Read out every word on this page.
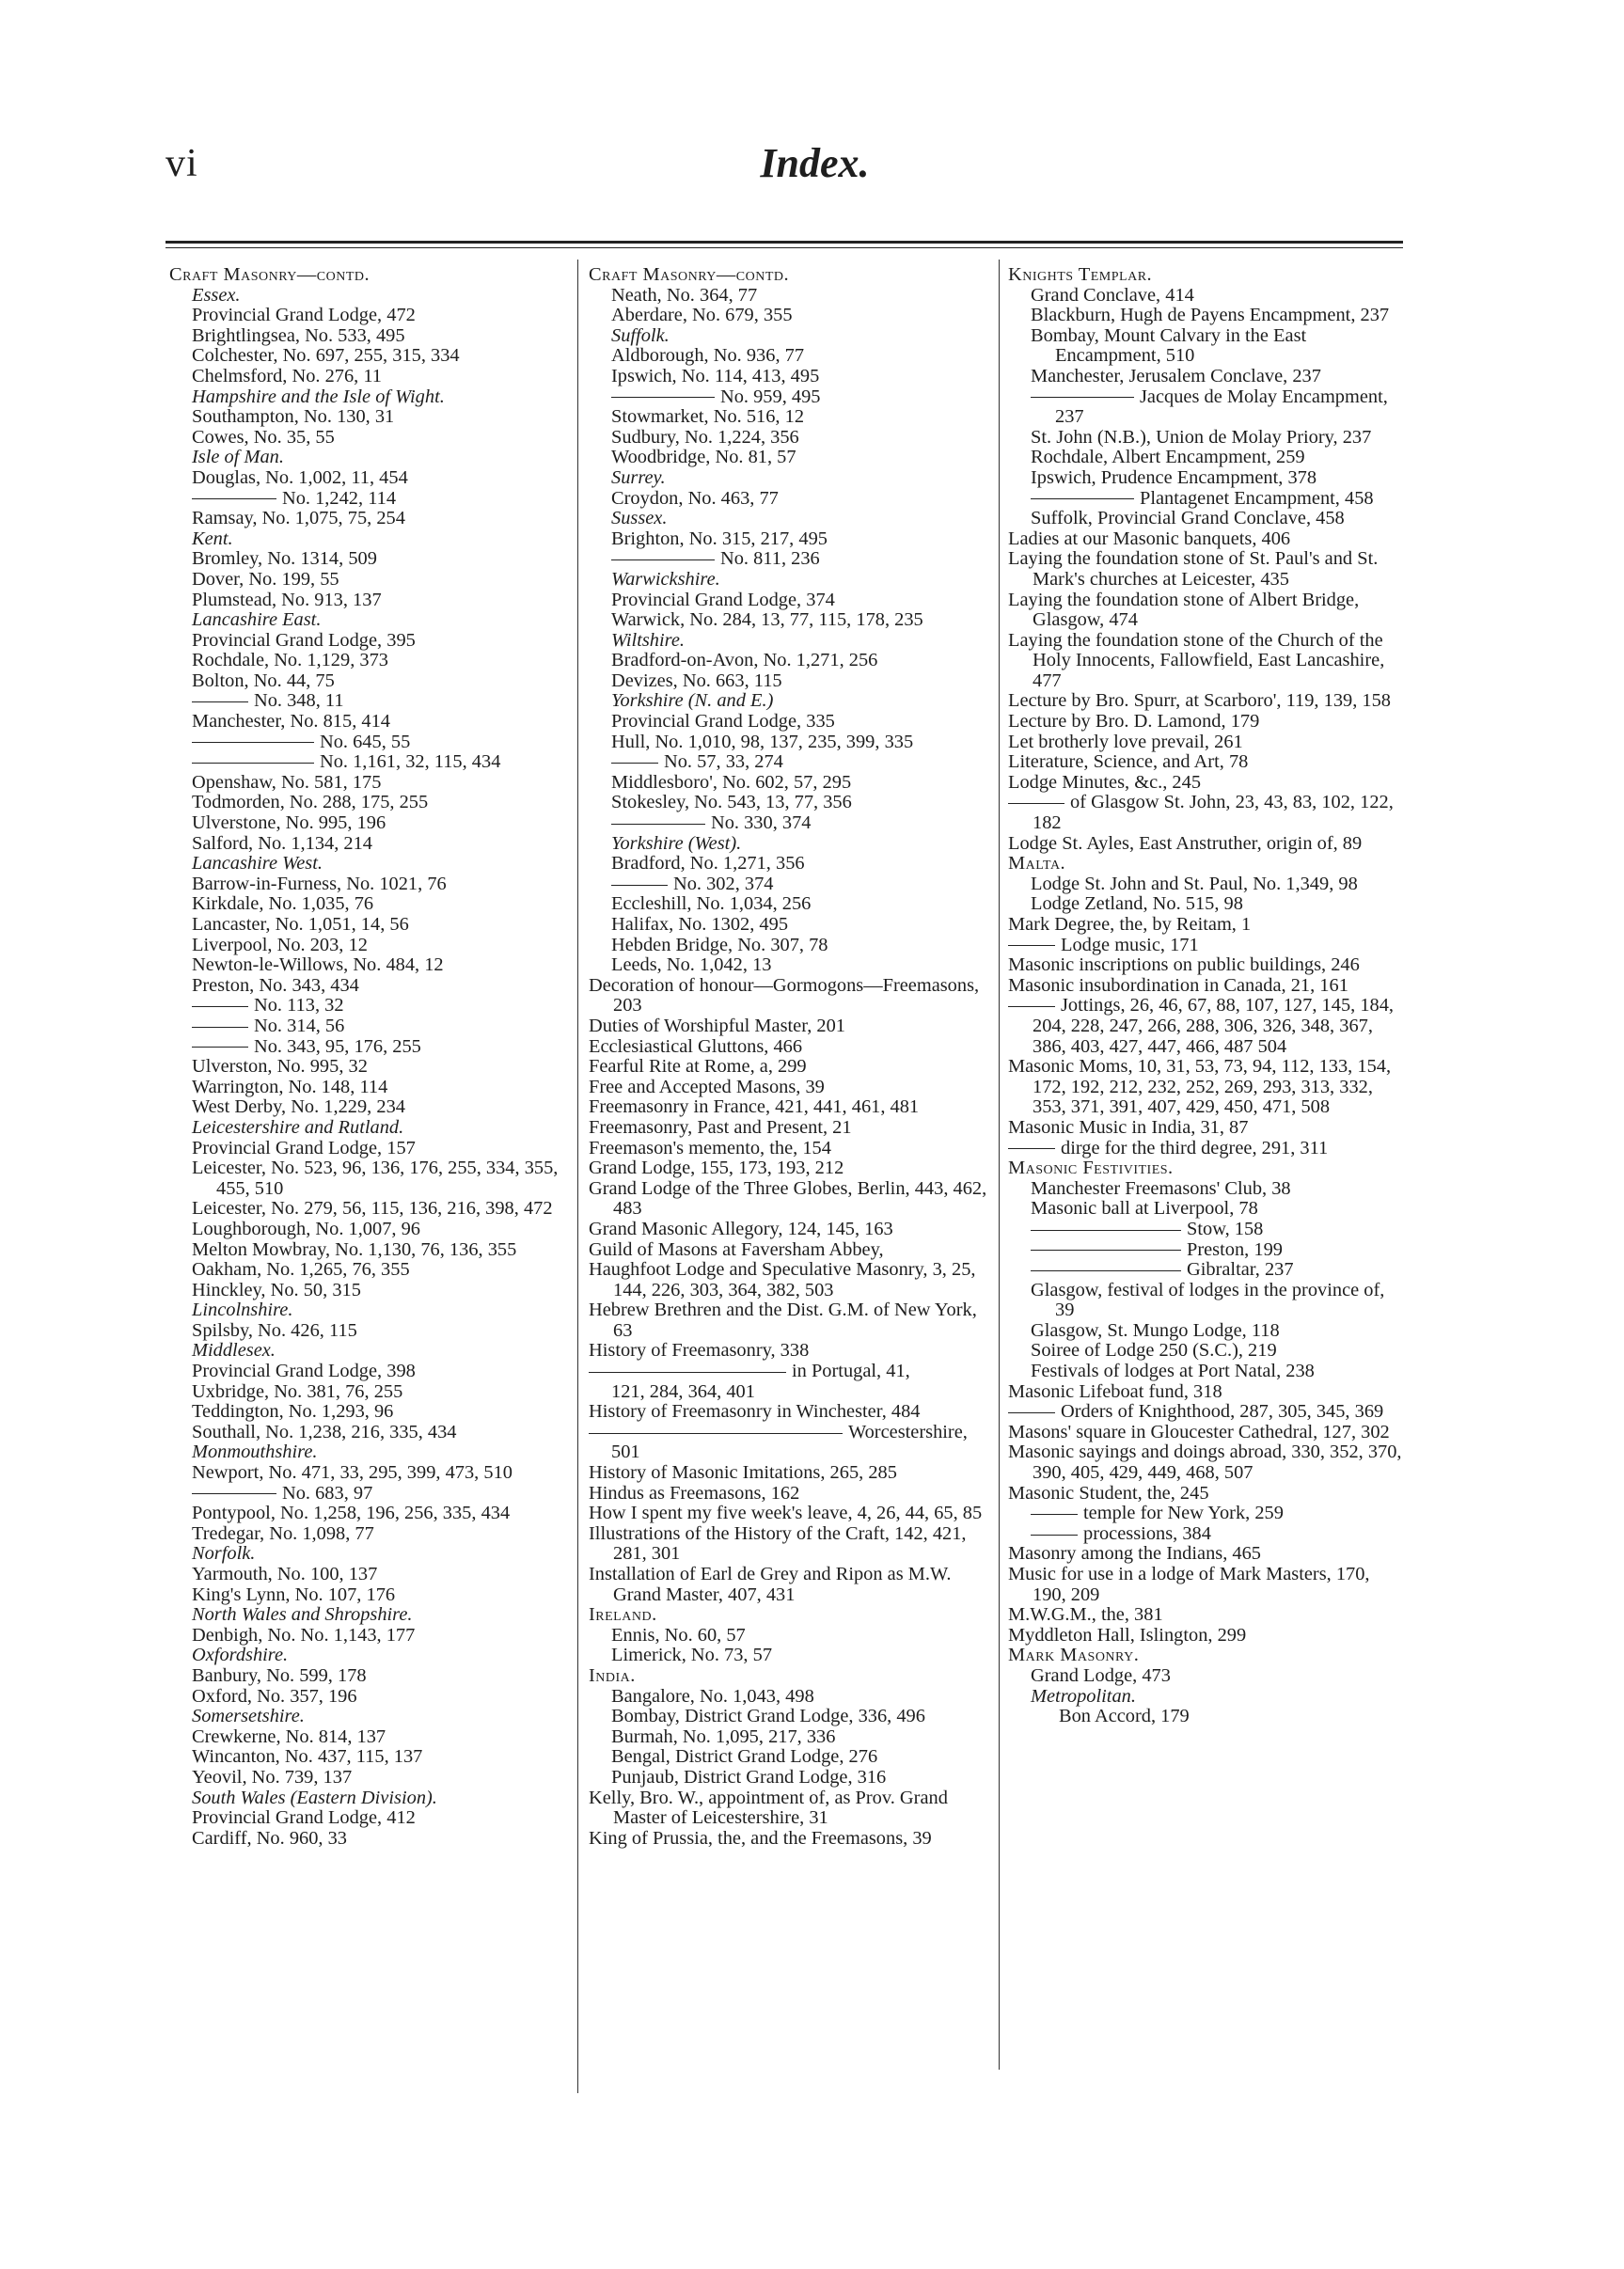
vi	Index.
Craft Masonry—contd.
Essex.
Provincial Grand Lodge, 472
Brightlingsea, No. 533, 495
Colchester, No. 697, 255, 315, 334
Chelmsford, No. 276, 11
Hampshire and the Isle of Wight.
Southampton, No. 130, 31
Cowes, No. 35, 55
Isle of Man.
Douglas, No. 1,002, 11, 454
No. 1,242, 114
Ramsay, No. 1,075, 75, 254
Kent.
Bromley, No. 1314, 509
Dover, No. 199, 55
Plumstead, No. 913, 137
Lancashire East.
Provincial Grand Lodge, 395
Rochdale, No. 1,129, 373
Bolton, No. 44, 75
No. 348, 11
Manchester, No. 815, 414
No. 645, 55
No. 1,161, 32, 115, 434
Openshaw, No. 581, 175
Todmorden, No. 288, 175, 255
Ulverstone, No. 995, 196
Salford, No. 1,134, 214
Lancashire West.
Barrow-in-Furness, No. 1021, 76
Kirkdale, No. 1,035, 76
Lancaster, No. 1,051, 14, 56
Liverpool, No. 203, 12
Newton-le-Willows, No. 484, 12
Preston, No. 343, 434
No. 113, 32
No. 314, 56
No. 343, 95, 176, 255
Ulverston, No. 995, 32
Warrington, No. 148, 114
West Derby, No. 1,229, 234
Leicestershire and Rutland.
Provincial Grand Lodge, 157
Leicester, No. 523, 96, 136, 176, 255, 334, 355, 455, 510
Leicester, No. 279, 56, 115, 136, 216, 398, 472
Loughborough, No. 1,007, 96
Melton Mowbray, No. 1,130, 76, 136, 355
Oakham, No. 1,265, 76, 355
Hinckley, No. 50, 315
Lincolnshire.
Spilsby, No. 426, 115
Middlesex.
Provincial Grand Lodge, 398
Uxbridge, No. 381, 76, 255
Teddington, No. 1,293, 96
Southall, No. 1,238, 216, 335, 434
Monmouthshire.
Newport, No. 471, 33, 295, 399, 473, 510
No. 683, 97
Pontypool, No. 1,258, 196, 256, 335, 434
Tredegar, No. 1,098, 77
Norfolk.
Yarmouth, No. 100, 137
King's Lynn, No. 107, 176
North Wales and Shropshire.
Denbigh, No. No. 1,143, 177
Oxfordshire.
Banbury, No. 599, 178
Oxford, No. 357, 196
Somersetshire.
Crewkerne, No. 814, 137
Wincanton, No. 437, 115, 137
Yeovil, No. 739, 137
South Wales (Eastern Division).
Provincial Grand Lodge, 412
Cardiff, No. 960, 33
Craft Masonry—contd.
Neath, No. 364, 77
Aberdare, No. 679, 355
Suffolk.
Aldborough, No. 936, 77
Ipswich, No. 114, 413, 495
No. 959, 495
Stowmarket, No. 516, 12
Sudbury, No. 1,224, 356
Woodbridge, No. 81, 57
Surrey.
Croydon, No. 463, 77
Sussex.
Brighton, No. 315, 217, 495
No. 811, 236
Warwickshire.
Provincial Grand Lodge, 374
Warwick, No. 284, 13, 77, 115, 178, 235
Wiltshire.
Bradford-on-Avon, No. 1,271, 256
Devizes, No. 663, 115
Yorkshire (N. and E.)
Provincial Grand Lodge, 335
Hull, No. 1,010, 98, 137, 235, 399, 335
No. 57, 33, 274
Middlesboro', No. 602, 57, 295
Stokesley, No. 543, 13, 77, 356
No. 330, 374
Yorkshire (West).
Bradford, No. 1,271, 356
No. 302, 374
Eccleshill, No. 1,034, 256
Halifax, No. 1302, 495
Hebden Bridge, No. 307, 78
Leeds, No. 1,042, 13
Decoration of honour—Gormogons—Freemasons, 203
Duties of Worshipful Master, 201
Ecclesiastical Gluttons, 466
Fearful Rite at Rome, a, 299
Free and Accepted Masons, 39
Freemasonry in France, 421, 441, 461, 481
Freemasonry, Past and Present, 21
Freemason's memento, the, 154
Grand Lodge, 155, 173, 193, 212
Grand Lodge of the Three Globes, Berlin, 443, 462, 483
Grand Masonic Allegory, 124, 145, 163
Guild of Masons at Faversham Abbey,
Haughfoot Lodge and Speculative Masonry, 3, 25, 144, 226, 303, 364, 382, 503
Hebrew Brethren and the Dist. G.M. of New York, 63
History of Freemasonry, 338
in Portugal, 41,
121, 284, 364, 401
History of Freemasonry in Winchester, 484
Worcestershire,
501
History of Masonic Imitations, 265, 285
Hindus as Freemasons, 162
How I spent my five week's leave, 4, 26, 44, 65, 85
Illustrations of the History of the Craft, 142, 421, 281, 301
Installation of Earl de Grey and Ripon as M.W. Grand Master, 407, 431
Ireland.
Ennis, No. 60, 57
Limerick, No. 73, 57
India.
Bangalore, No. 1,043, 498
Bombay, District Grand Lodge, 336, 496
Burmah, No. 1,095, 217, 336
Bengal, District Grand Lodge, 276
Punjaub, District Grand Lodge, 316
Kelly, Bro. W., appointment of, as Prov. Grand Master of Leicestershire, 31
King of Prussia, the, and the Freemasons, 39
Knights Templar.
Grand Conclave, 414
Blackburn, Hugh de Payens Encampment, 237
Bombay, Mount Calvary in the East Encampment, 510
Manchester, Jerusalem Conclave, 237
Jacques de Molay Encampment, 237
St. John (N.B.), Union de Molay Priory, 237
Rochdale, Albert Encampment, 259
Ipswich, Prudence Encampment, 378
Plantagenet Encampment, 458
Suffolk, Provincial Grand Conclave, 458
Ladies at our Masonic banquets, 406
Laying the foundation stone of St. Paul's and St. Mark's churches at Leicester, 435
Laying the foundation stone of Albert Bridge, Glasgow, 474
Laying the foundation stone of the Church of the Holy Innocents, Fallowfield, East Lancashire, 477
Lecture by Bro. Spurr, at Scarboro', 119, 139, 158
Lecture by Bro. D. Lamond, 179
Let brotherly love prevail, 261
Literature, Science, and Art, 78
Lodge Minutes, &c., 245
of Glasgow St. John, 23, 43, 83, 102, 122, 182
Lodge St. Ayles, East Anstruther, origin of, 89
Malta.
Lodge St. John and St. Paul, No. 1,349, 98
Lodge Zetland, No. 515, 98
Mark Degree, the, by Reitam, 1
Lodge music, 171
Masonic inscriptions on public buildings, 246
Masonic insubordination in Canada, 21, 161
Jottings, 26, 46, 67, 88, 107, 127, 145, 184, 204, 228, 247, 266, 288, 306, 326, 348, 367, 386, 403, 427, 447, 466, 487 504
Masonic Moms, 10, 31, 53, 73, 94, 112, 133, 154, 172, 192, 212, 232, 252, 269, 293, 313, 332, 353, 371, 391, 407, 429, 450, 471, 508
Masonic Music in India, 31, 87
dirge for the third degree, 291, 311
Masonic Festivities.
Manchester Freemasons' Club, 38
Masonic ball at Liverpool, 78
Stow, 158
Preston, 199
Gibraltar, 237
Glasgow, festival of lodges in the province of, 39
Glasgow, St. Mungo Lodge, 118
Soiree of Lodge 250 (S.C.), 219
Festivals of lodges at Port Natal, 238
Masonic Lifeboat fund, 318
Orders of Knighthood, 287, 305, 345, 369
Masons' square in Gloucester Cathedral, 127, 302
Masonic sayings and doings abroad, 330, 352, 370, 390, 405, 429, 449, 468, 507
Masonic Student, the, 245
temple for New York, 259
processions, 384
Masonry among the Indians, 465
Music for use in a lodge of Mark Masters, 170, 190, 209
M.W.G.M., the, 381
Myddleton Hall, Islington, 299
Mark Masonry.
Grand Lodge, 473
Metropolitan.
Bon Accord, 179
